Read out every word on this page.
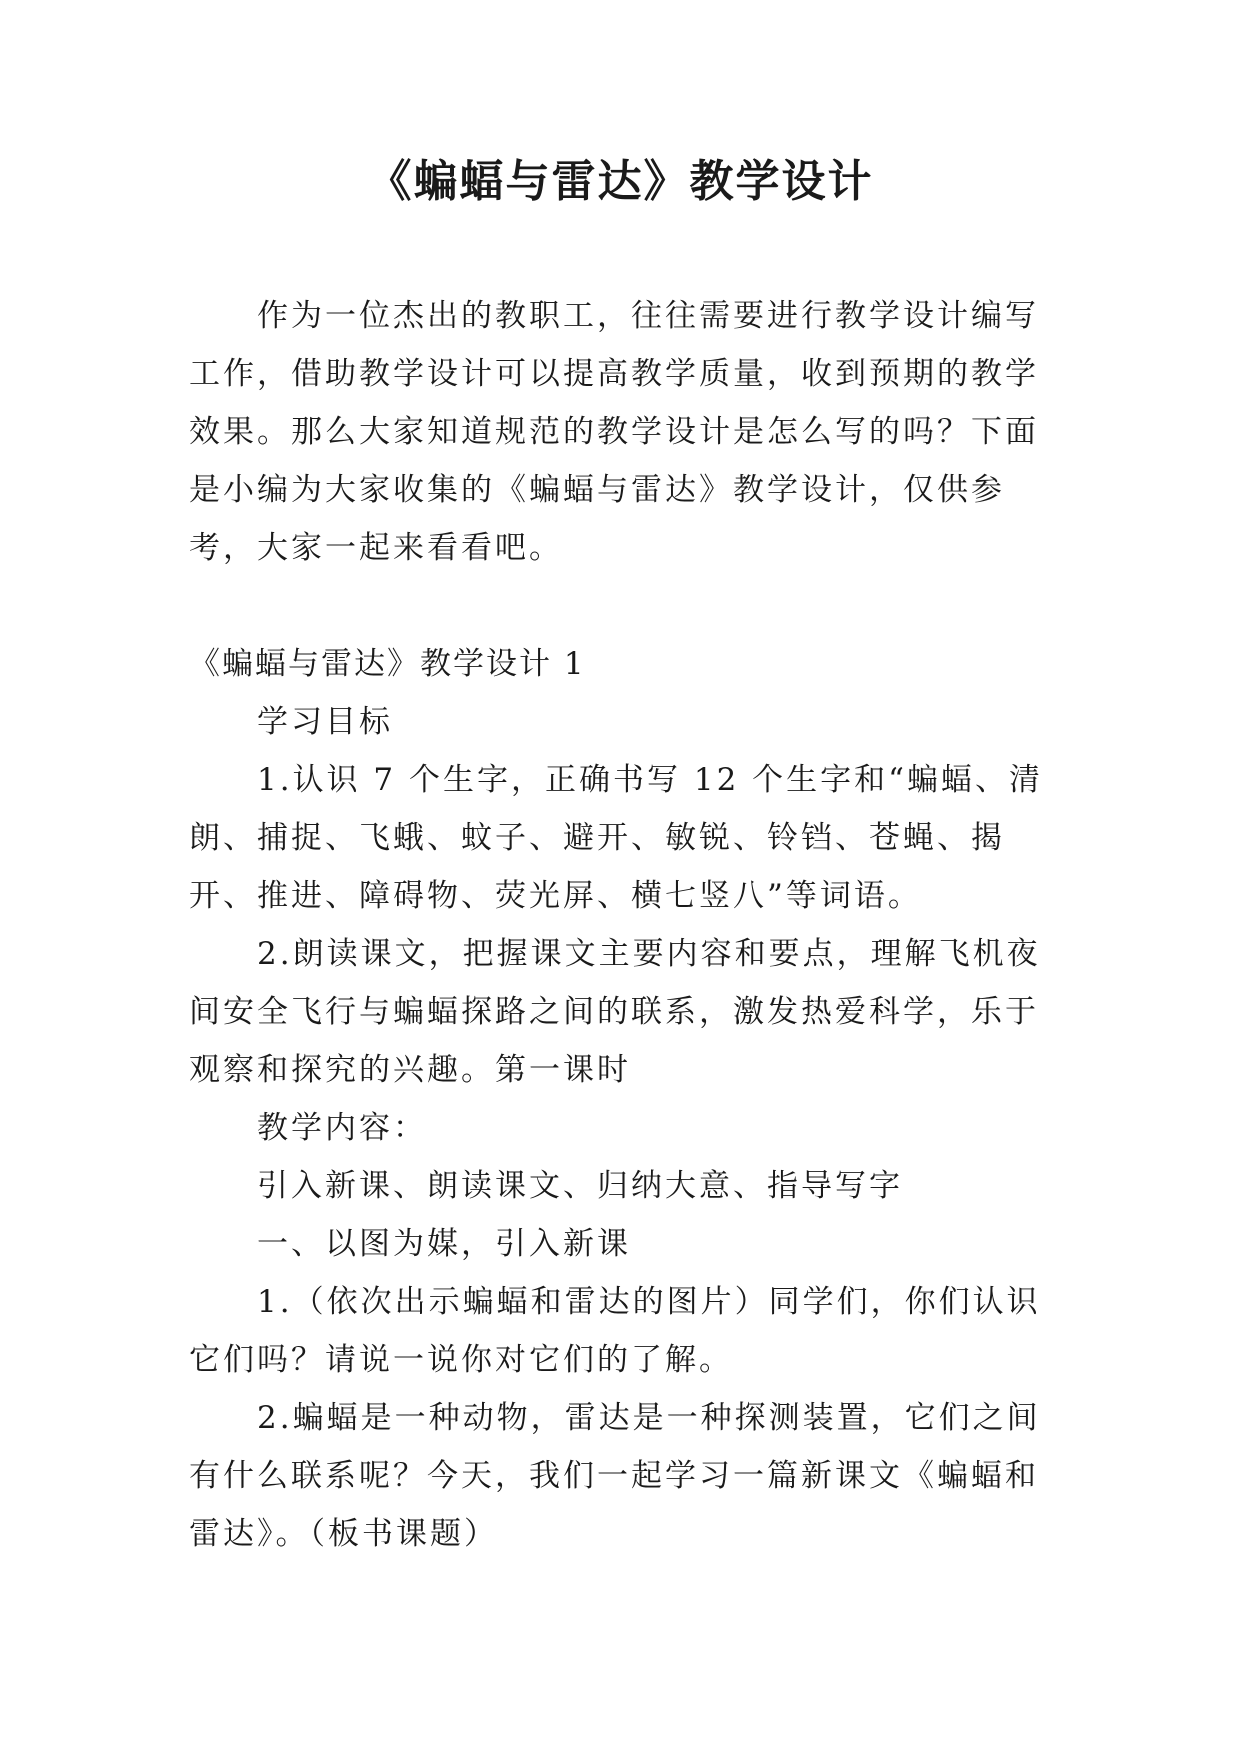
《蝙蝠与雷达》教学设计

作为一位杰出的教职工，往往需要进行教学设计编写工作，借助教学设计可以提高教学质量，收到预期的教学效果。那么大家知道规范的教学设计是怎么写的吗？下面是小编为大家收集的《蝙蝠与雷达》教学设计，仅供参考，大家一起来看看吧。

《蝙蝠与雷达》教学设计 1

学习目标

1.认识 7 个生字，正确书写 12 个生字和“蝙蝠、清朗、捕捉、飞蛾、蚊子、避开、敏锐、铃铛、苍蝇、揭开、推进、障碍物、荧光屏、横七竖八”等词语。

2.朗读课文，把握课文主要内容和要点，理解飞机夜间安全飞行与蝙蝠探路之间的联系，激发热爱科学，乐于观察和探究的兴趣。第一课时

教学内容：

引入新课、朗读课文、归纳大意、指导写字

一、以图为媒，引入新课

1.（依次出示蝙蝠和雷达的图片）同学们，你们认识它们吗？请说一说你对它们的了解。

2.蝙蝠是一种动物，雷达是一种探测装置，它们之间有什么联系呢？今天，我们一起学习一篇新课文《蝙蝠和雷达》。（板书课题）
